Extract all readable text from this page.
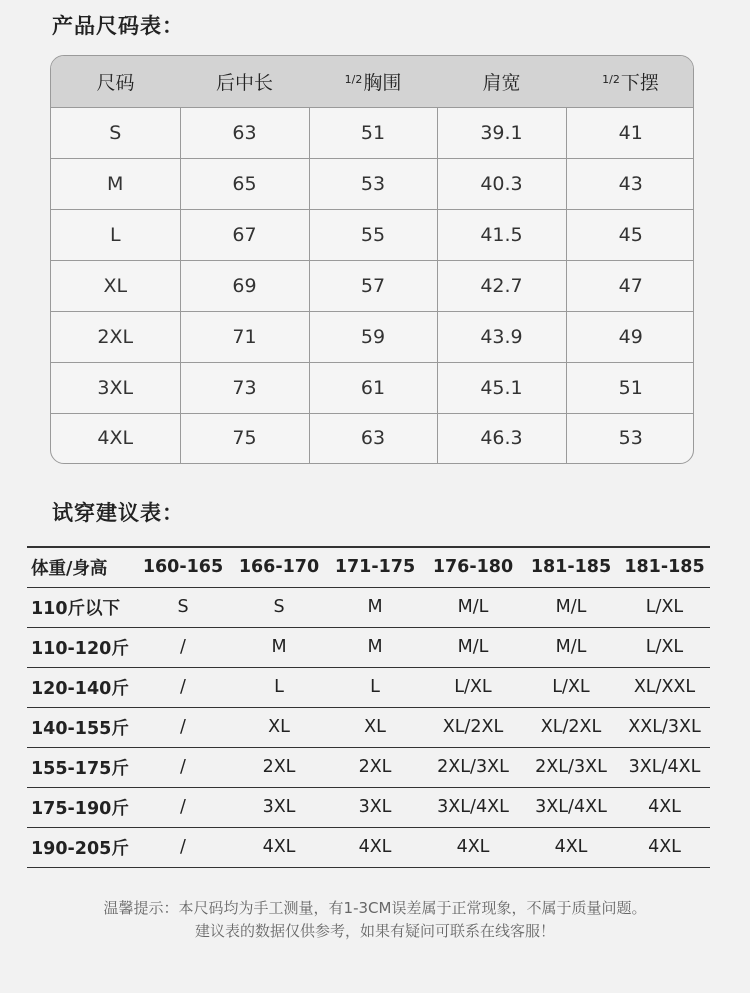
产品尺码表：
尺码	后中长	$^{1/2}$胸围	肩宽	$^{1/2}$下摆
S	63	51	39.1	41
M	65	53	40.3	43
L	67	55	41.5	45
XL	69	57	42.7	47
2XL	71	59	43.9	49
3XL	73	61	45.1	51
4XL	75	63	46.3	53
试穿建议表：
体重/身高	160-165	166-170	171-175	176-180	181-185	181-185
110斤以下	S	S	M	M/L	M/L	L/XL
110-120斤	/	M	M	M/L	M/L	L/XL
120-140斤	/	L	L	L/XL	L/XL	XL/XXL
140-155斤	/	XL	XL	XL/2XL	XL/2XL	XXL/3XL
155-175斤	/	2XL	2XL	2XL/3XL	2XL/3XL	3XL/4XL
175-190斤	/	3XL	3XL	3XL/4XL	3XL/4XL	4XL
190-205斤	/	4XL	4XL	4XL	4XL	4XL
温馨提示：本尺码均为手工测量，有1-3CM误差属于正常现象，不属于质量问题。
建议表的数据仅供参考，如果有疑问可联系在线客服！
